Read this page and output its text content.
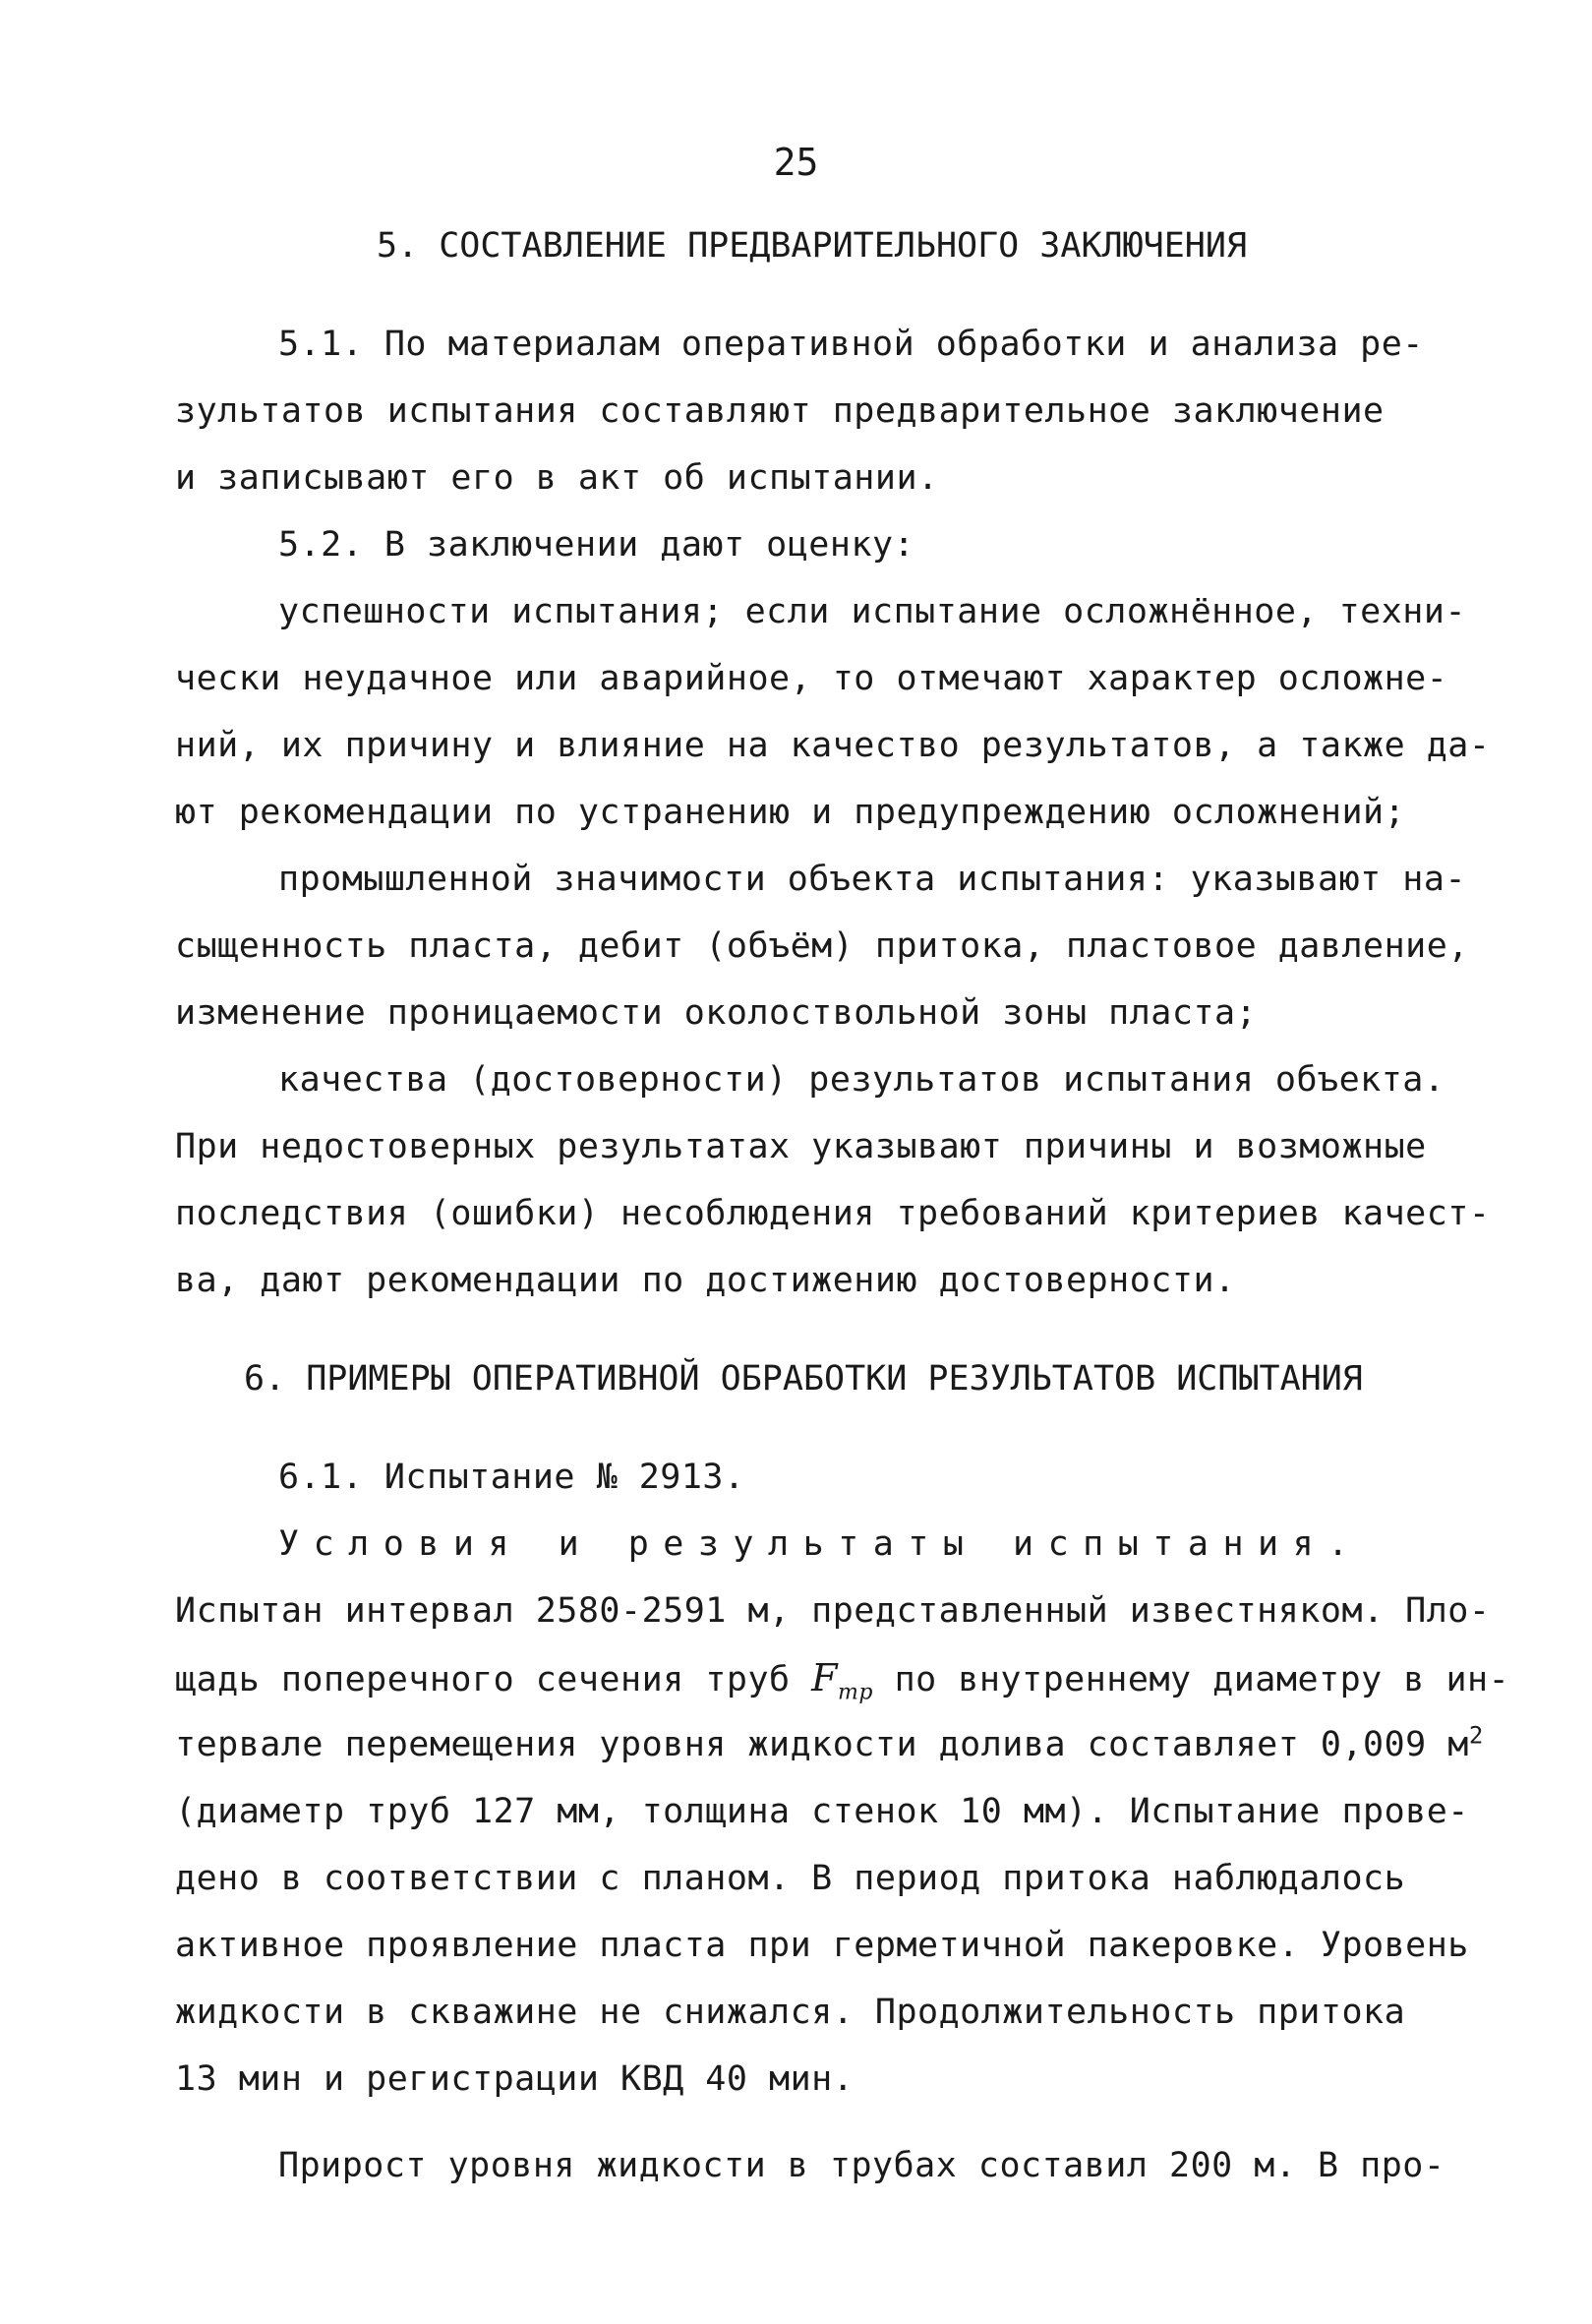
25
5. СОСТАВЛЕНИЕ ПРЕДВАРИТЕЛЬНОГО ЗАКЛЮЧЕНИЯ
5.1. По материалам оперативной обработки и анализа ре-
зультатов испытания составляют предварительное заключение
и записывают его в акт об испытании.
5.2. В заключении дают оценку:
успешности испытания; если испытание осложнённое, техни-
чески неудачное или аварийное, то отмечают характер осложне-
ний, их причину и влияние на качество результатов, а также да-
ют рекомендации по устранению и предупреждению осложнений;
промышленной значимости объекта испытания: указывают на-
сыщенность пласта, дебит (объём) притока, пластовое давление,
изменение проницаемости околоствольной зоны пласта;
качества (достоверности) результатов испытания объекта.
При недостоверных результатах указывают причины и возможные
последствия (ошибки) несоблюдения требований критериев качест-
ва, дают рекомендации по достижению достоверности.
6. ПРИМЕРЫ ОПЕРАТИВНОЙ ОБРАБОТКИ РЕЗУЛЬТАТОВ ИСПЫТАНИЯ
6.1. Испытание № 2913.
Условия и результаты испытания.
Испытан интервал 2580-2591 м, представленный известняком. Пло-
щадь поперечного сечения труб $F_{тр}$ по внутреннему диаметру в ин-
тервале перемещения уровня жидкости долива составляет 0,009 $м^2$
(диаметр труб 127 мм, толщина стенок 10 мм). Испытание прове-
дено в соответствии с планом. В период притока наблюдалось
активное проявление пласта при герметичной пакеровке. Уровень
жидкости в скважине не снижался. Продолжительность притока
13 мин и регистрации КВД 40 мин.
Прирост уровня жидкости в трубах составил 200 м. В про-
